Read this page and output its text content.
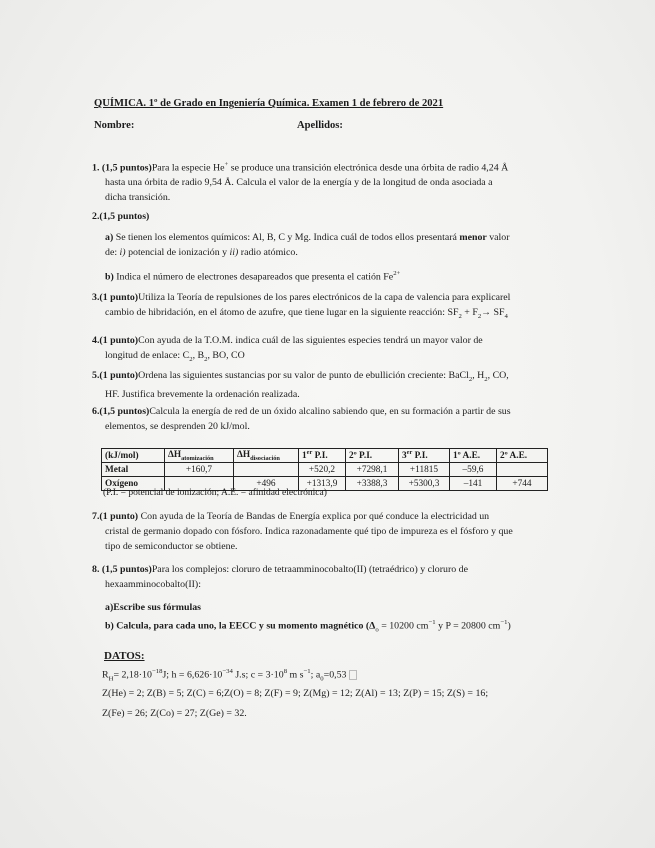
QUÍMICA. 1º de Grado en Ingeniería Química. Examen 1 de febrero de 2021
Nombre:	Apellidos:
1. (1,5 puntos)Para la especie He+ se produce una transición electrónica desde una órbita de radio 4,24 Å
hasta una órbita de radio 9,54 Å. Calcula el valor de la energía y de la longitud de onda asociada a
dicha transición.
2.(1,5 puntos)
a) Se tienen los elementos químicos: Al, B, C y Mg. Indica cuál de todos ellos presentará menor valor
de: i) potencial de ionización y ii) radio atómico.
b) Indica el número de electrones desapareados que presenta el catión $Fe^{2+}$
3.(1 punto)Utiliza la Teoría de repulsiones de los pares electrónicos de la capa de valencia para explicarel
cambio de hibridación, en el átomo de azufre, que tiene lugar en la siguiente reacción: $SF_2 + F_2\to SF_4$
4.(1 punto)Con ayuda de la T.O.M. indica cuál de las siguientes especies tendrá un mayor valor de
longitud de enlace: $C_2$, $B_2$, BO, CO
5.(1 punto)Ordena las siguientes sustancias por su valor de punto de ebullición creciente: BaCl$_2$, $H_2$, CO,
HF. Justifica brevemente la ordenación realizada.
6.(1,5 puntos)Calcula la energía de red de un óxido alcalino sabiendo que, en su formación a partir de sus
elementos, se desprenden 20 kJ/mol.
(kJ/mol)	$\Delta H_{atomización}$	$\Delta H_{disociación}$	1er P.I.	2º P.I.	3er P.I.	1º A.E.	2º A.E.
Metal	+160,7		+520,2	+7298,1	+11815	–59,6	
Oxígeno		+496	+1313,9	+3388,3	+5300,3	–141	+744
(P.I. = potencial de ionización; A.E. = afinidad electrónica)
7.(1 punto) Con ayuda de la Teoría de Bandas de Energía explica por qué conduce la electricidad un
cristal de germanio dopado con fósforo. Indica razonadamente qué tipo de impureza es el fósforo y que
tipo de semiconductor se obtiene.
8. (1,5 puntos)Para los complejos: cloruro de tetraamminocobalto(II) (tetraédrico) y cloruro de
hexaamminocobalto(II):
a)Escribe sus fórmulas
b) Calcula, para cada uno, la EECC y su momento magnético ($\Delta_o = 10200$ $cm^{-1}$ y P = 20800 $cm^{-1}$)
DATOS:
$R_H= 2,18\cdot 10^{-18}J$; $h = 6,626\cdot 10^{-34}$ J.s; $c = 3\cdot 10^8$ m $s^{-1}$; $a_0=0,53$
Z(He) = 2; Z(B) = 5; Z(C) = 6;Z(O) = 8; Z(F) = 9; Z(Mg) = 12; Z(Al) = 13; Z(P) = 15; Z(S) = 16;
Z(Fe) = 26; Z(Co) = 27; Z(Ge) = 32.
